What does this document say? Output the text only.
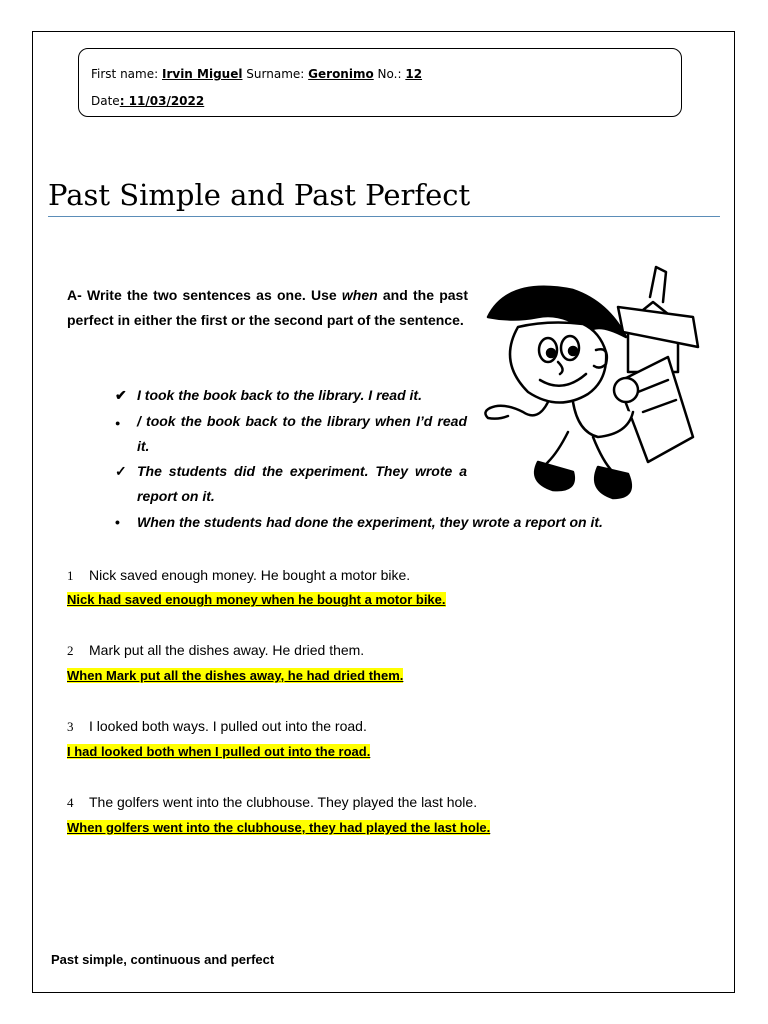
First name: Irvin Miguel Surname: Geronimo No.: 12
Date: 11/03/2022
Past Simple and Past Perfect
A- Write the two sentences as one. Use when and the past perfect in either the first or the second part of the sentence.
✔ I took the book back to the library. I read it.
● / took the book back to the library when I’d read it.
✓ The students did the experiment. They wrote a report on it.
• When the students had done the experiment, they wrote a report on it.
1 Nick saved enough money. He bought a motor bike.
Nick had saved enough money when he bought a motor bike.
2 Mark put all the dishes away. He dried them.
When Mark put all the dishes away, he had dried them.
3 I looked both ways. I pulled out into the road.
I had looked both when I pulled out into the road.
4 The golfers went into the clubhouse. They played the last hole.
When golfers went into the clubhouse, they had played the last hole.
Past simple, continuous and perfect
